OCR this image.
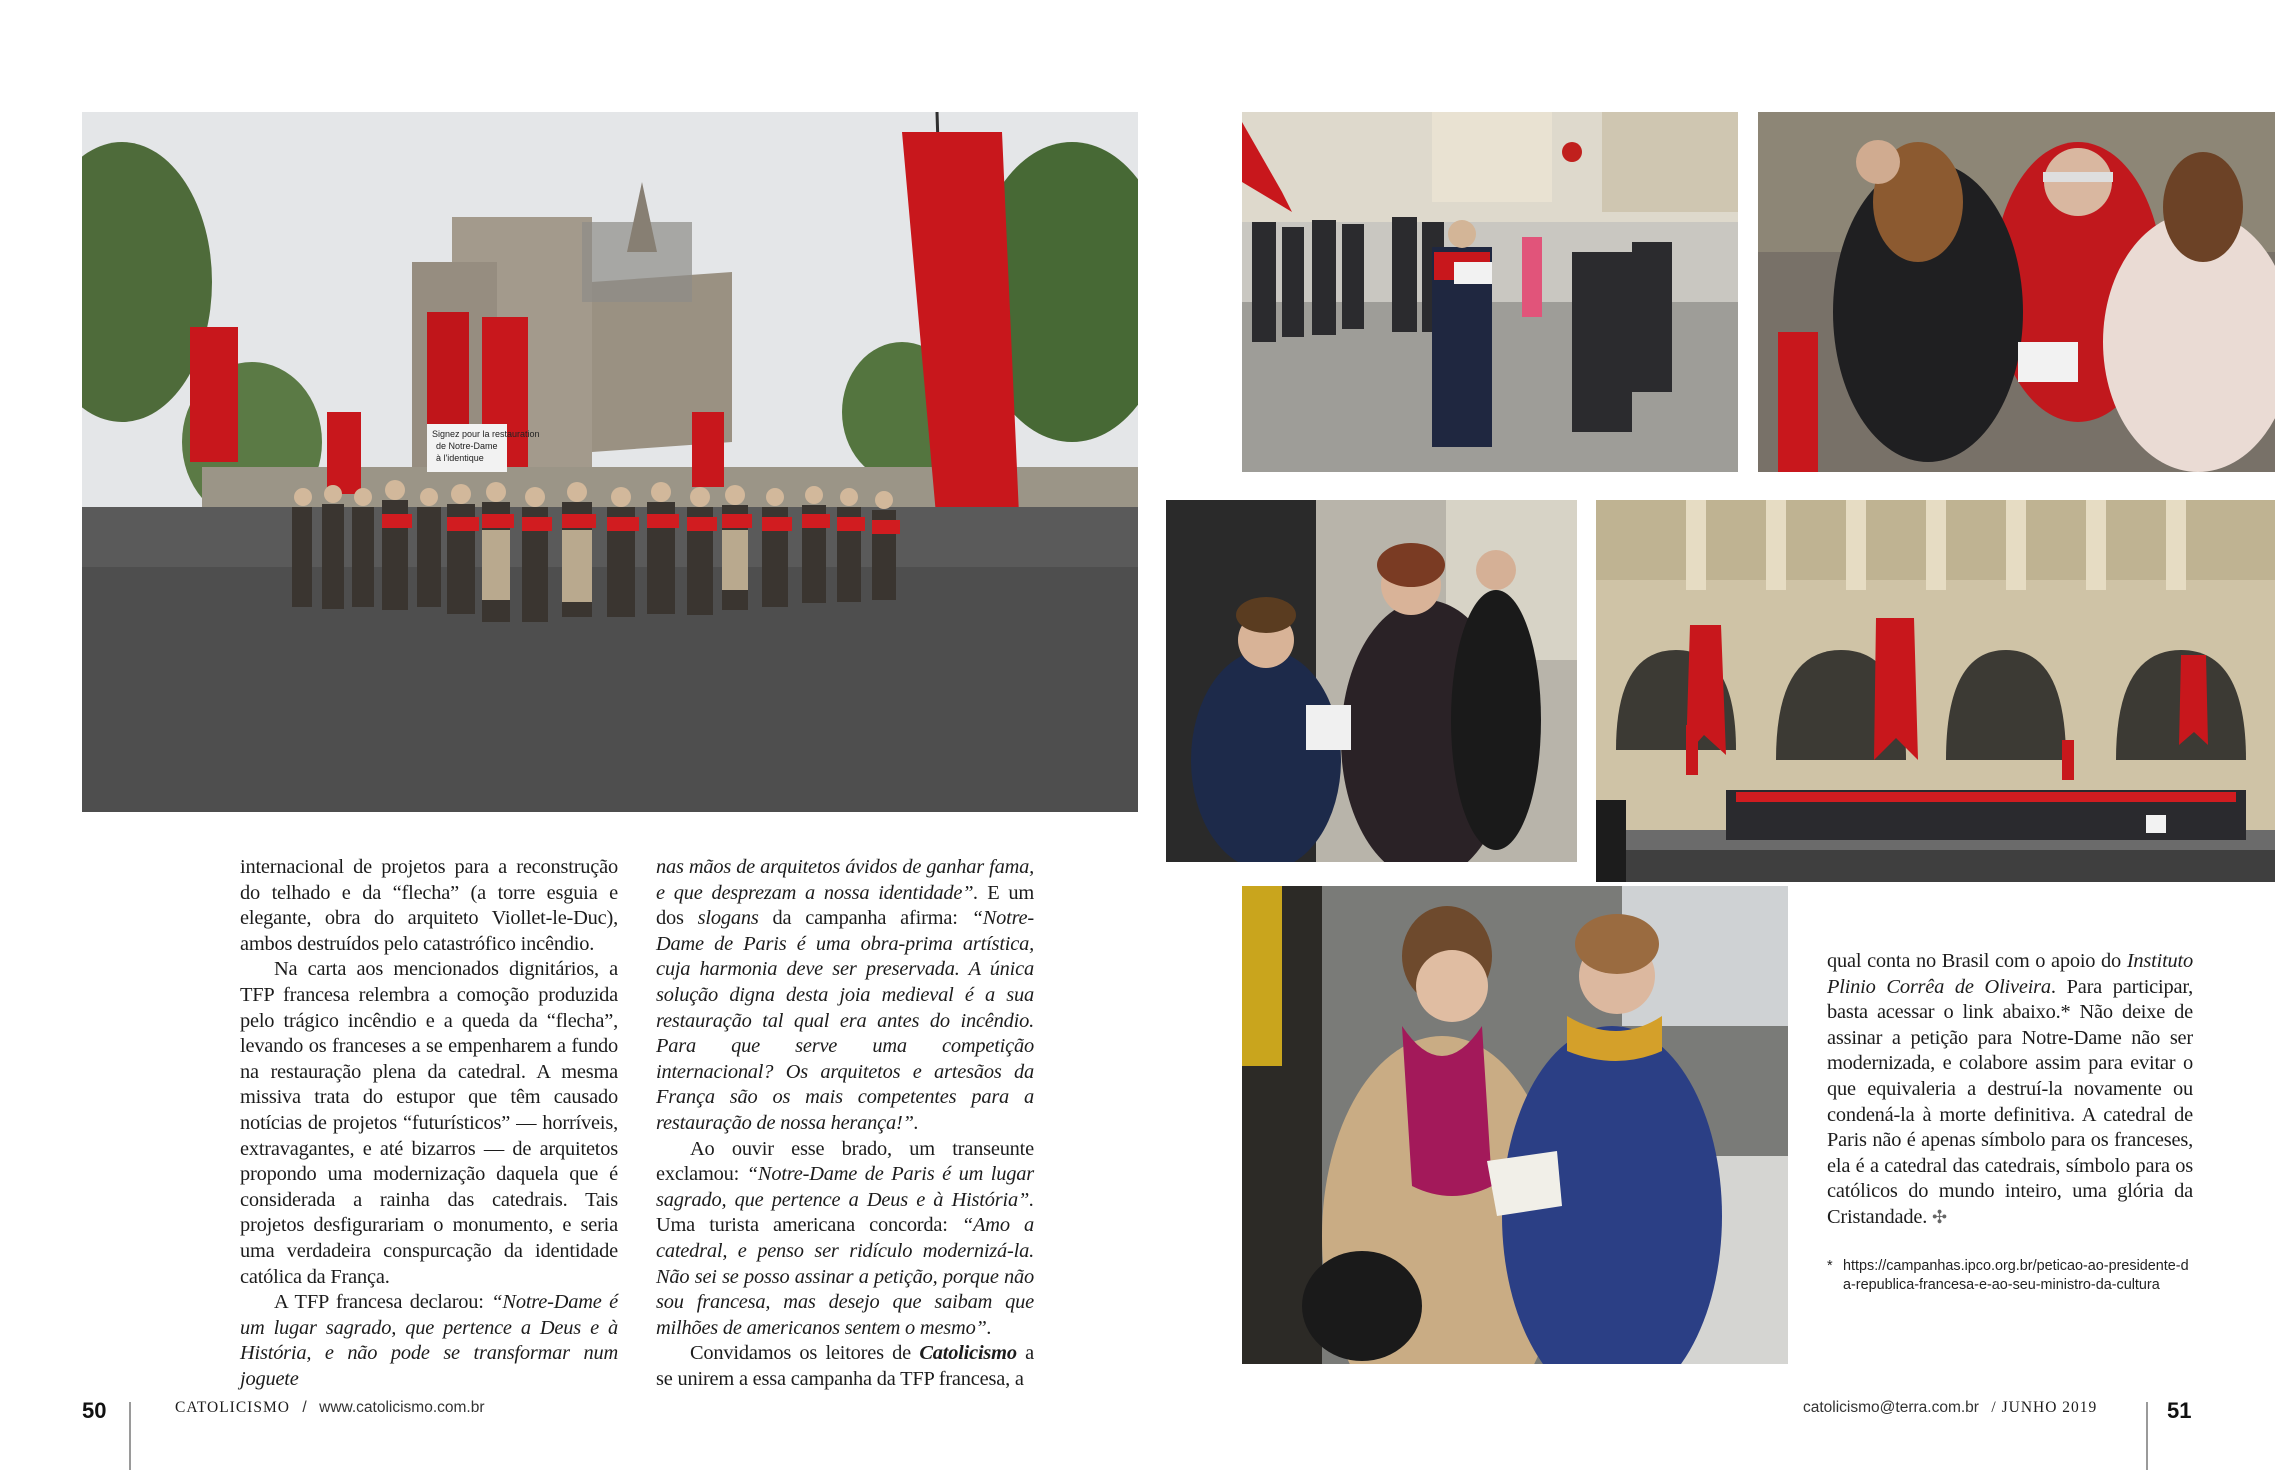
Signez pour la restauration
de Notre-Dame
à l'identique

internacional de projetos para a reconstrução do telhado e da “flecha” (a torre esguia e elegante, obra do arquiteto Viollet-le-Duc), ambos destruídos pelo catastrófico incêndio.

Na carta aos mencionados dignitários, a TFP francesa relembra a comoção produzida pelo trágico incêndio e a queda da “flecha”, levando os franceses a se empenharem a fundo na restauração plena da catedral. A mesma missiva trata do estupor que têm causado notícias de projetos “futurísticos” — horríveis, extravagantes, e até bizarros — de arquitetos propondo uma modernização daquela que é considerada a rainha das catedrais. Tais projetos desfigurariam o monumento, e seria uma verdadeira conspurcação da identidade católica da França.

A TFP francesa declarou: “Notre-Dame é um lugar sagrado, que pertence a Deus e à História, e não pode se transformar num joguete

nas mãos de arquitetos ávidos de ganhar fama, e que desprezam a nossa identidade”. E um dos slogans da campanha afirma: “Notre-Dame de Paris é uma obra-prima artística, cuja harmonia deve ser preservada. A única solução digna desta joia medieval é a sua restauração tal qual era antes do incêndio. Para que serve uma competição internacional? Os arquitetos e artesãos da França são os mais competentes para a restauração de nossa herança!”.

Ao ouvir esse brado, um transeunte exclamou: “Notre-Dame de Paris é um lugar sagrado, que pertence a Deus e à História”. Uma turista americana concorda: “Amo a catedral, e penso ser ridículo modernizá-la. Não sei se posso assinar a petição, porque não sou francesa, mas desejo que saibam que milhões de americanos sentem o mesmo”.

Convidamos os leitores de Catolicismo a se unirem a essa campanha da TFP francesa, a

qual conta no Brasil com o apoio do Instituto Plinio Corrêa de Oliveira. Para participar, basta acessar o link abaixo.* Não deixe de assinar a petição para Notre-Dame não ser modernizada, e colabore assim para evitar o que equivaleria a destruí-la novamente ou condená-la à morte definitiva. A catedral de Paris não é apenas símbolo para os franceses, ela é a catedral das catedrais, símbolo para os católicos do mundo inteiro, uma glória da Cristandade. ✣

* https://campanhas.ipco.org.br/peticao-ao-presidente-da-republica-francesa-e-ao-seu-ministro-da-cultura
50	CATOLICISMO / www.catolicismo.com.br	catolicismo@terra.com.br / JUNHO 2019	51
